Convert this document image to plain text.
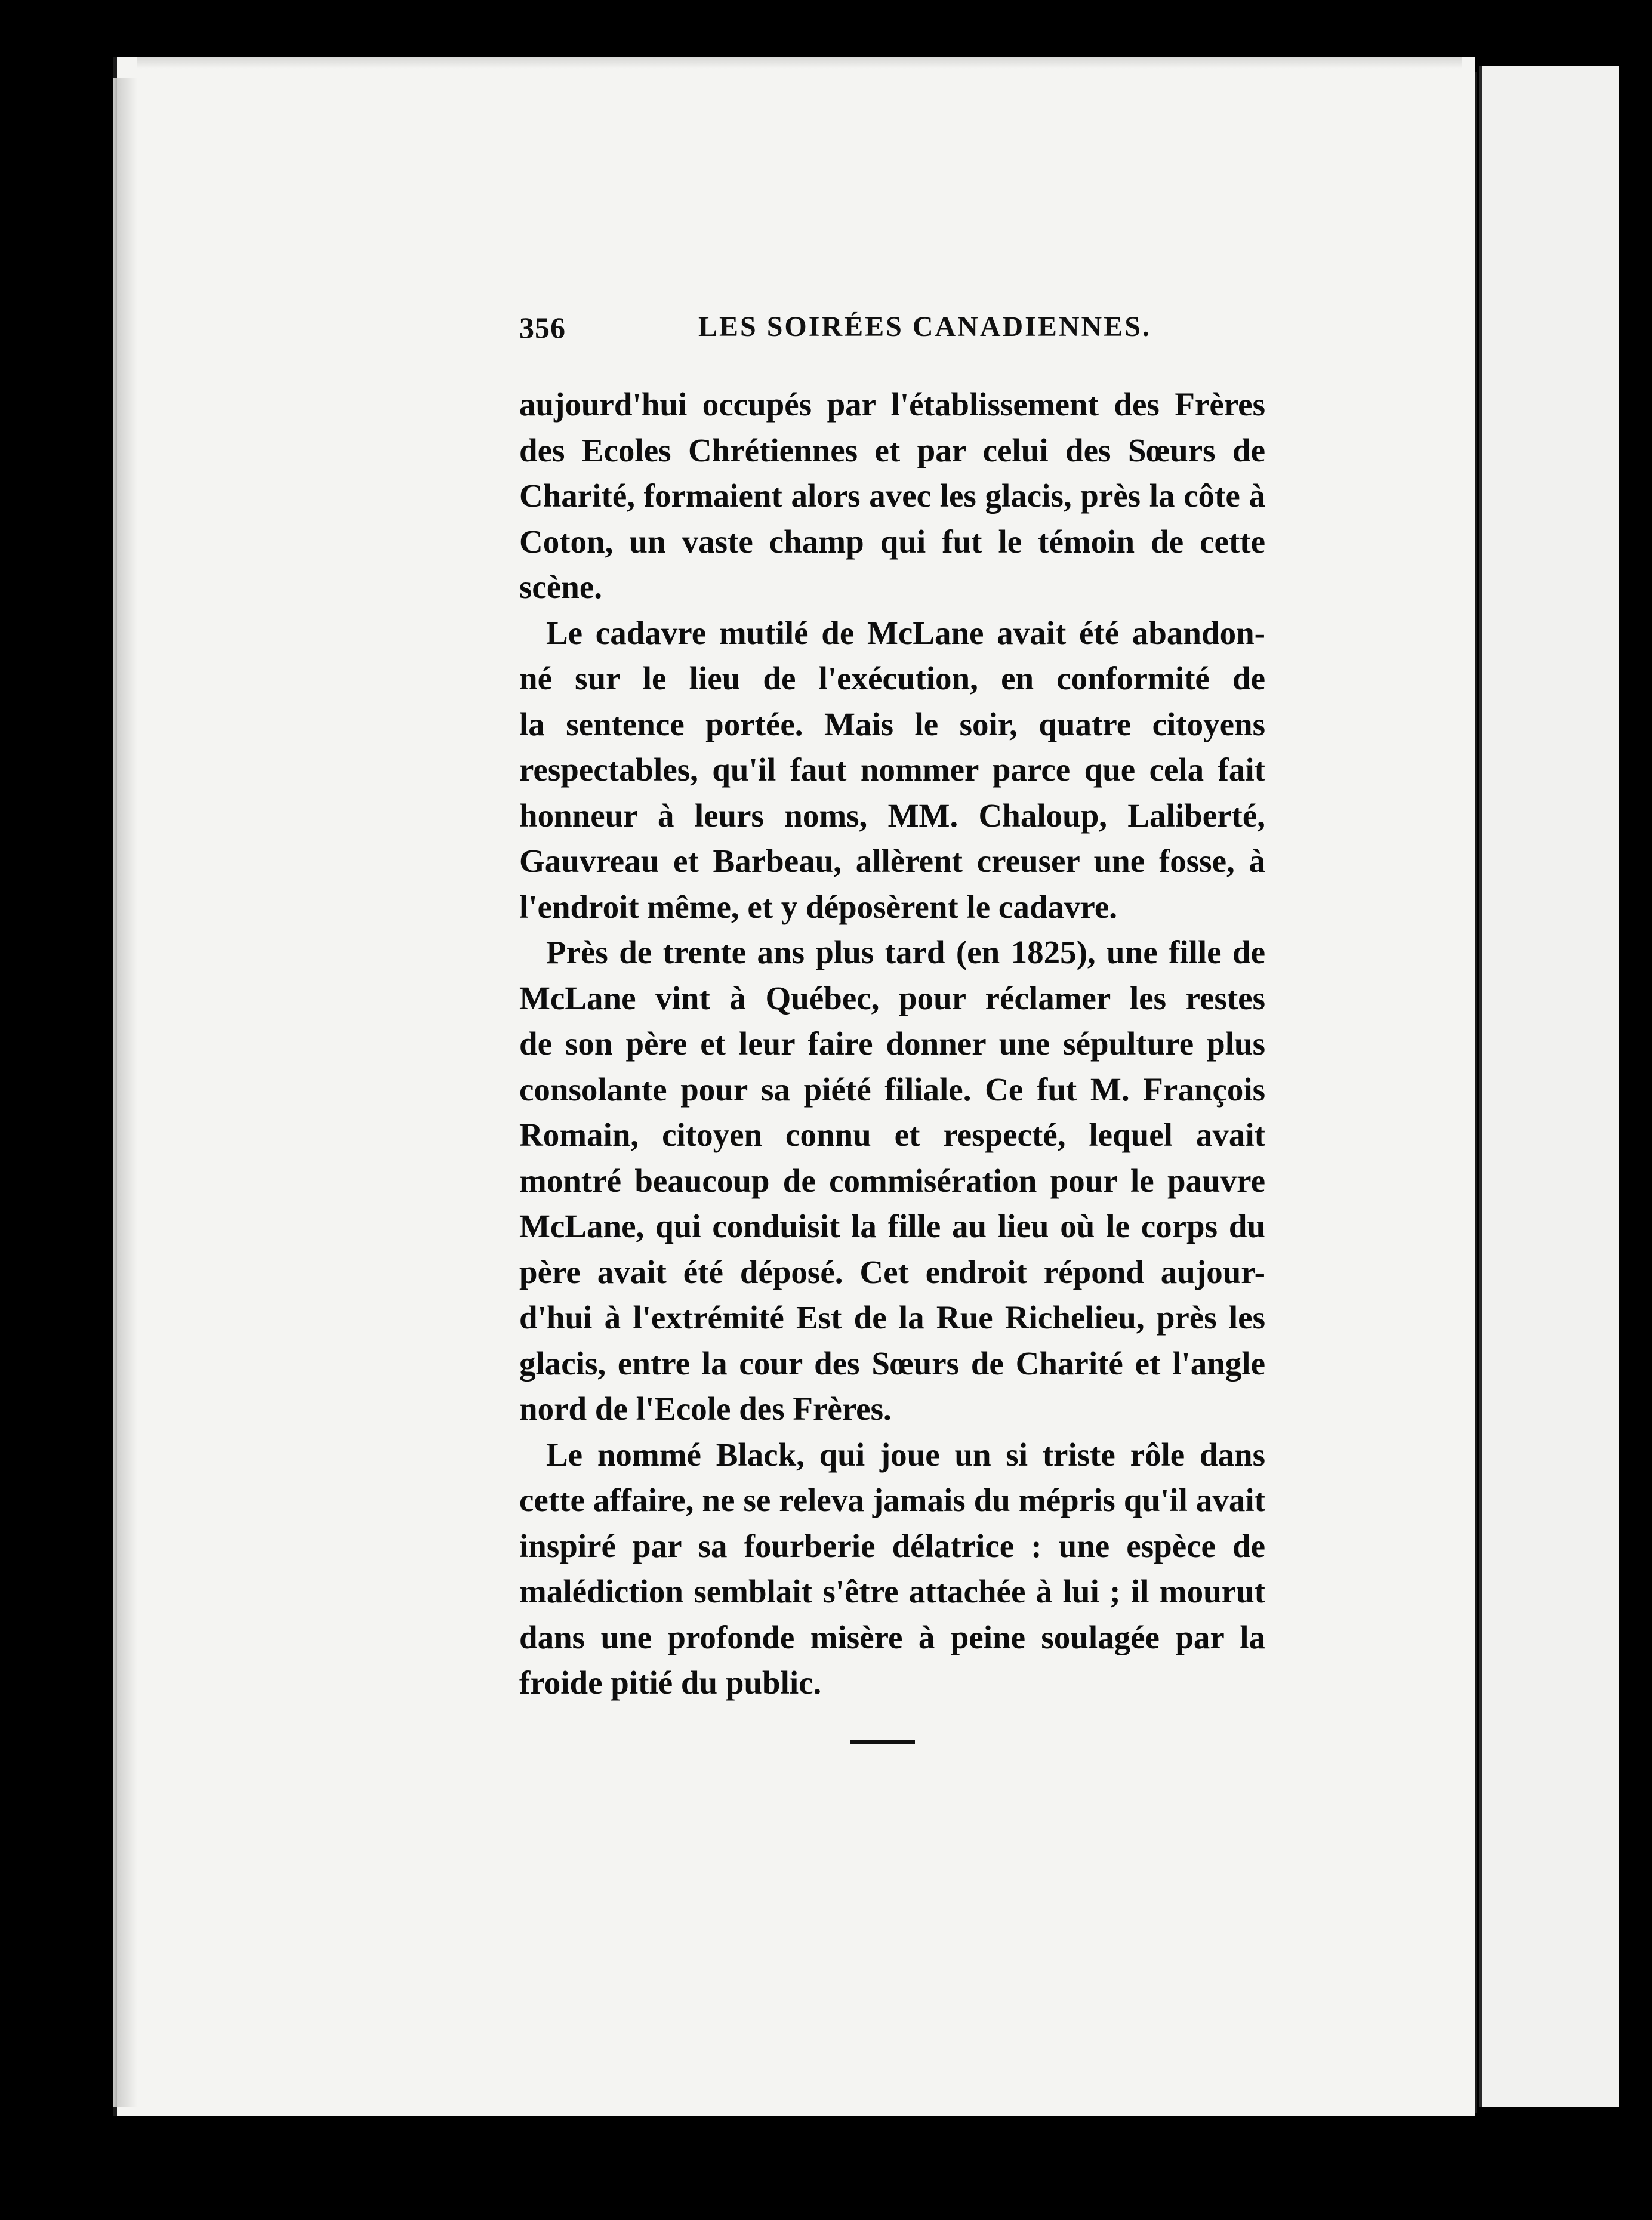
356	LES SOIRÉES CANADIENNES.

aujourd'hui occupés par l'établissement des Frères
des Ecoles Chrétiennes et par celui des Sœurs de
Charité, formaient alors avec les glacis, près la côte à
Coton, un vaste champ qui fut le témoin de cette
scène.

Le cadavre mutilé de McLane avait été abandon-
né sur le lieu de l'exécution, en conformité de
la sentence portée. Mais le soir, quatre citoyens
respectables, qu'il faut nommer parce que cela fait
honneur à leurs noms, MM. Chaloup, Laliberté,
Gauvreau et Barbeau, allèrent creuser une fosse, à
l'endroit même, et y déposèrent le cadavre.

Près de trente ans plus tard (en 1825), une fille de
McLane vint à Québec, pour réclamer les restes
de son père et leur faire donner une sépulture plus
consolante pour sa piété filiale. Ce fut M. François
Romain, citoyen connu et respecté, lequel avait
montré beaucoup de commisération pour le pauvre
McLane, qui conduisit la fille au lieu où le corps du
père avait été déposé. Cet endroit répond aujour-
d'hui à l'extrémité Est de la Rue Richelieu, près les
glacis, entre la cour des Sœurs de Charité et l'angle
nord de l'Ecole des Frères.

Le nommé Black, qui joue un si triste rôle dans
cette affaire, ne se releva jamais du mépris qu'il avait
inspiré par sa fourberie délatrice : une espèce de
malédiction semblait s'être attachée à lui ; il mourut
dans une profonde misère à peine soulagée par la
froide pitié du public.
